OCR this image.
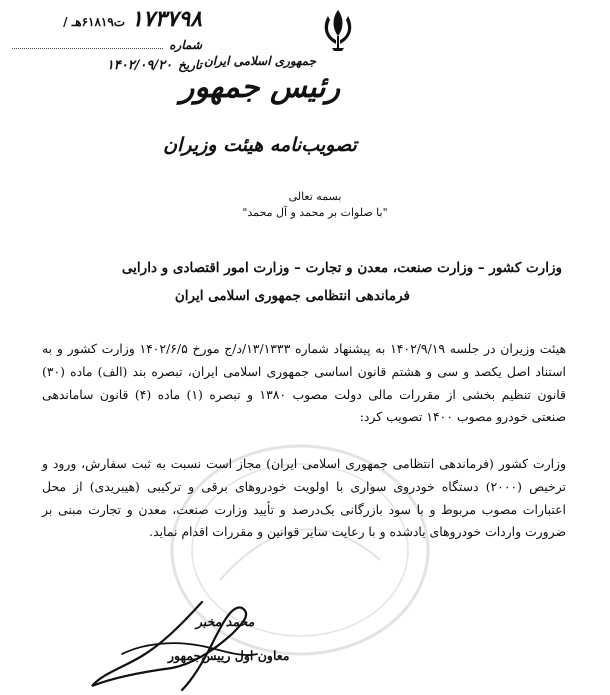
۱۷۳۷۹۸
ت۶۱۸۱۹هـ /
شماره
تاریخ
۱۴۰۲/۰۹/۲۰	جمهوری اسلامی ایران
رئیس جمهور
تصویب‌نامه هیئت وزیران
بسمه تعالی
"با صلوات بر محمد و آل محمد"
وزارت کشور – وزارت صنعت، معدن و تجارت – وزارت امور اقتصادی و دارایی
فرماندهی انتظامی جمهوری اسلامی ایران

هیئت وزیران در جلسه ۱۴۰۲/۹/۱۹ به پیشنهاد شماره ۱۳/۱۳۳۳/د/ج مورخ ۱۴۰۲/۶/۵ وزارت کشور و به استناد اصل یکصد و سی و هشتم قانون اساسی جمهوری اسلامی ایران، تبصره بند (الف) ماده (۳۰) قانون تنظیم بخشی از مقررات مالی دولت مصوب ۱۳۸۰ و تبصره (۱) ماده (۴) قانون ساماندهی صنعتی خودرو مصوب ۱۴۰۰ تصویب کرد:

وزارت کشور (فرماندهی انتظامی جمهوری اسلامی ایران) مجاز است نسبت به ثبت سفارش، ورود و ترخیص (۲۰۰۰) دستگاه خودروی سواری با اولویت خودروهای برقی و ترکیبی (هیبریدی) از محل اعتبارات مصوب مربوط و با سود بازرگانی یک‌درصد و تأیید وزارت صنعت، معدن و تجارت مبنی بر ضرورت واردات خودروهای یادشده و با رعایت سایر قوانین و مقررات اقدام نماید.

محمد مخبر
معاون اول رییس‌جمهور
